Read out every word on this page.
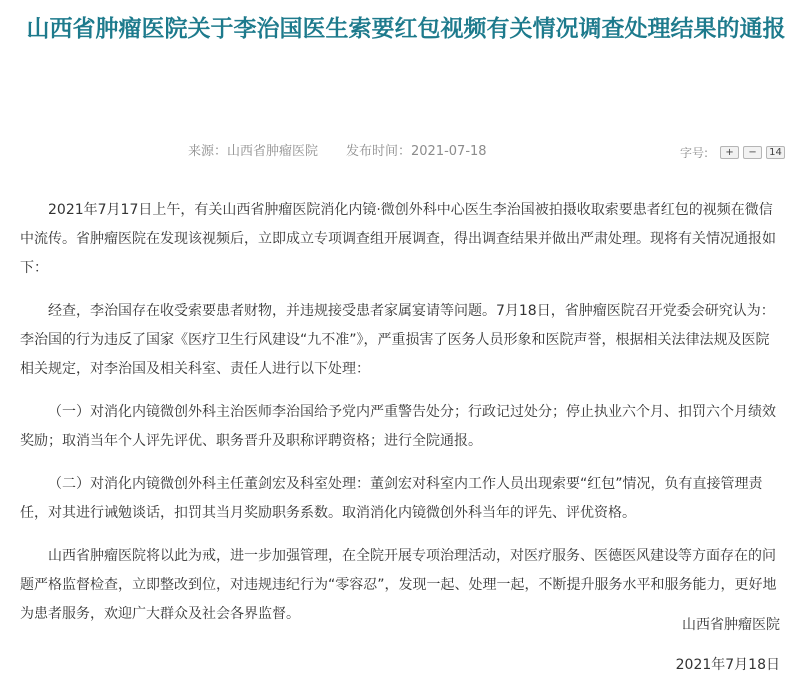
山西省肿瘤医院关于李治国医生索要红包视频有关情况调查处理结果的通报
来源：山西省肿瘤医院 发布时间：2021-07-18	字号:	+	−	14

2021年7月17日上午，有关山西省肿瘤医院消化内镜·微创外科中心医生李治国被拍摄收取索要患者红包的视频在微信中流传。省肿瘤医院在发现该视频后，立即成立专项调查组开展调查，得出调查结果并做出严肃处理。现将有关情况通报如下：

经查，李治国存在收受索要患者财物，并违规接受患者家属宴请等问题。7月18日，省肿瘤医院召开党委会研究认为：李治国的行为违反了国家《医疗卫生行风建设“九不准”》，严重损害了医务人员形象和医院声誉，根据相关法律法规及医院相关规定，对李治国及相关科室、责任人进行以下处理：

（一）对消化内镜微创外科主治医师李治国给予党内严重警告处分；行政记过处分；停止执业六个月、扣罚六个月绩效奖励；取消当年个人评先评优、职务晋升及职称评聘资格；进行全院通报。

（二）对消化内镜微创外科主任董剑宏及科室处理：董剑宏对科室内工作人员出现索要“红包”情况，负有直接管理责任，对其进行诫勉谈话，扣罚其当月奖励职务系数。取消消化内镜微创外科当年的评先、评优资格。

山西省肿瘤医院将以此为戒，进一步加强管理，在全院开展专项治理活动，对医疗服务、医德医风建设等方面存在的问题严格监督检查，立即整改到位，对违规违纪行为“零容忍”，发现一起、处理一起，不断提升服务水平和服务能力，更好地为患者服务，欢迎广大群众及社会各界监督。

山西省肿瘤医院
2021年7月18日
